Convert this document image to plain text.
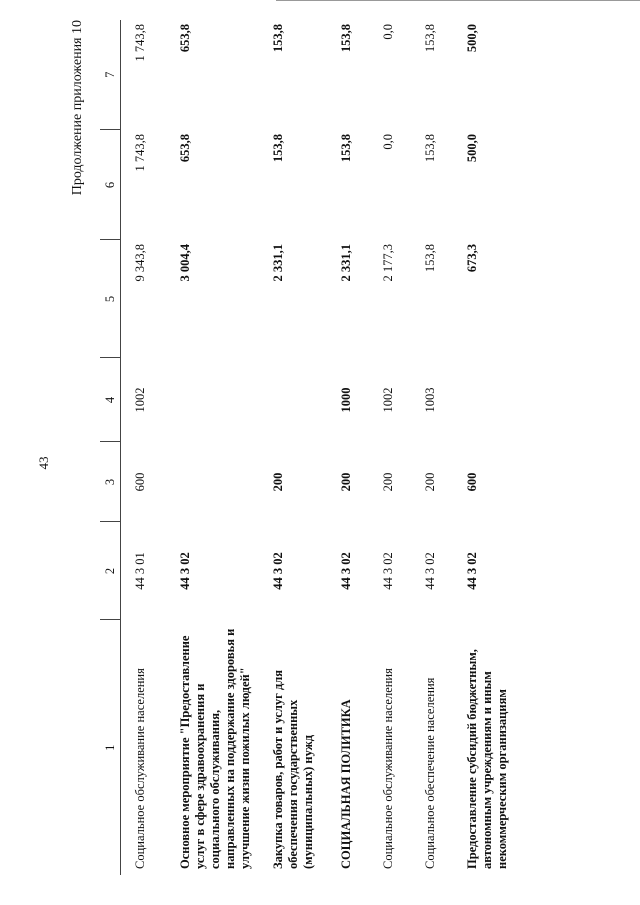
43
Продолжение приложения 10
1	2	3	4	5	6	7
Социальное обслуживание населения	44 3 01	600	1002	9 343,8	1 743,8	1 743,8
Основное мероприятие "Предоставление услуг в сфере здравоохранения и социального обслуживания, направленных на поддержание здоровья и улучшение жизни пожилых людей"	44 3 02			3 004,4	653,8	653,8
Закупка товаров, работ и услуг для обеспечения государственных (муниципальных) нужд	44 3 02	200		2 331,1	153,8	153,8
СОЦИАЛЬНАЯ ПОЛИТИКА	44 3 02	200	1000	2 331,1	153,8	153,8
Социальное обслуживание населения	44 3 02	200	1002	2 177,3	0,0	0,0
Социальное обеспечение населения	44 3 02	200	1003	153,8	153,8	153,8
Предоставление субсидий бюджетным, автономным учреждениям и иным некоммерческим организациям	44 3 02	600		673,3	500,0	500,0
